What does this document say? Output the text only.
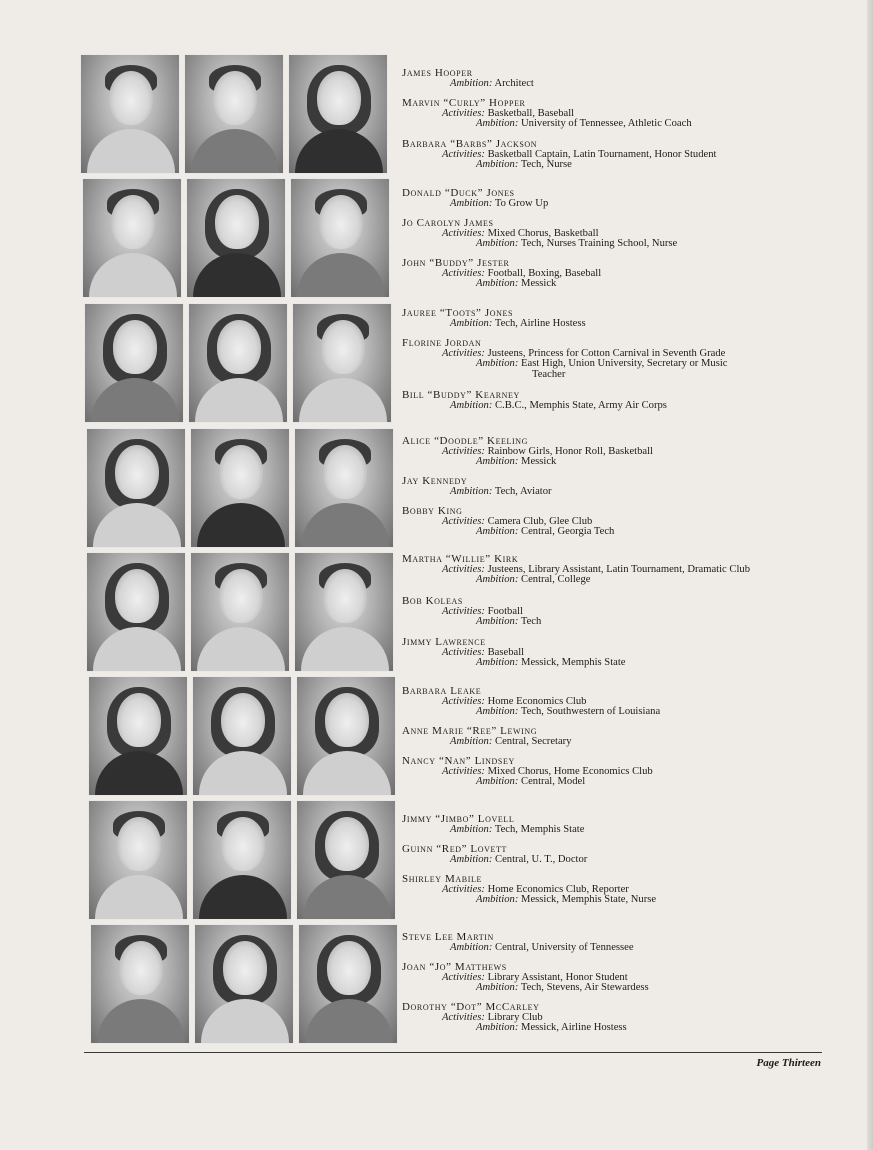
James Hooper
Ambition: Architect
Marvin “Curly” Hopper
Activities: Basketball, Baseball
Ambition: University of Tennessee, Athletic Coach
Barbara “Barbs” Jackson
Activities: Basketball Captain, Latin Tournament, Honor Student
Ambition: Tech, Nurse
Donald “Duck” Jones
Ambition: To Grow Up
Jo Carolyn James
Activities: Mixed Chorus, Basketball
Ambition: Tech, Nurses Training School, Nurse
John “Buddy” Jester
Activities: Football, Boxing, Baseball
Ambition: Messick
Jauree “Toots” Jones
Ambition: Tech, Airline Hostess
Florine Jordan
Activities: Justeens, Princess for Cotton Carnival in Seventh Grade
Ambition: East High, Union University, Secretary or Music
Teacher
Bill “Buddy” Kearney
Ambition: C.B.C., Memphis State, Army Air Corps
Alice “Doodle” Keeling
Activities: Rainbow Girls, Honor Roll, Basketball
Ambition: Messick
Jay Kennedy
Ambition: Tech, Aviator
Bobby King
Activities: Camera Club, Glee Club
Ambition: Central, Georgia Tech
Martha “Willie” Kirk
Activities: Justeens, Library Assistant, Latin Tournament, Dramatic Club
Ambition: Central, College
Bob Koleas
Activities: Football
Ambition: Tech
Jimmy Lawrence
Activities: Baseball
Ambition: Messick, Memphis State
Barbara Leake
Activities: Home Economics Club
Ambition: Tech, Southwestern of Louisiana
Anne Marie “Ree” Lewing
Ambition: Central, Secretary
Nancy “Nan” Lindsey
Activities: Mixed Chorus, Home Economics Club
Ambition: Central, Model
Jimmy “Jimbo” Lovell
Ambition: Tech, Memphis State
Guinn “Red” Lovett
Ambition: Central, U. T., Doctor
Shirley Mabile
Activities: Home Economics Club, Reporter
Ambition: Messick, Memphis State, Nurse
Steve Lee Martin
Ambition: Central, University of Tennessee
Joan “Jo” Matthews
Activities: Library Assistant, Honor Student
Ambition: Tech, Stevens, Air Stewardess
Dorothy “Dot” McCarley
Activities: Library Club
Ambition: Messick, Airline Hostess
Page Thirteen
